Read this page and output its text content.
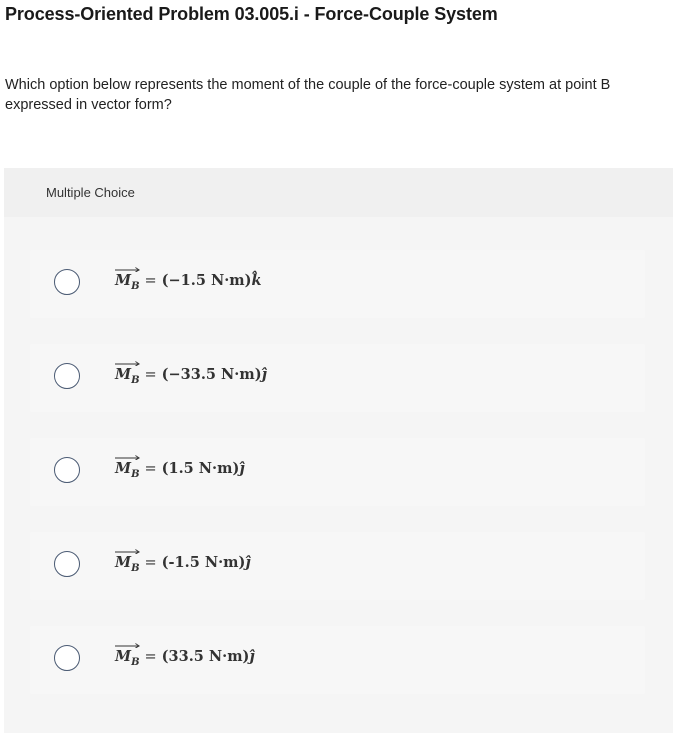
Process-Oriented Problem 03.005.i - Force-Couple System
Which option below represents the moment of the couple of the force-couple system at point B expressed in vector form?
Multiple Choice
$M_B = (-1.5$ N·m)k̂
$M_B = (-33.5$ N·m)ȷ̂
$M_B = (1.5$ N·m)ȷ̂
$M_B = (-1.5$ N·m)ȷ̂
$M_B = (33.5$ N·m)ȷ̂
